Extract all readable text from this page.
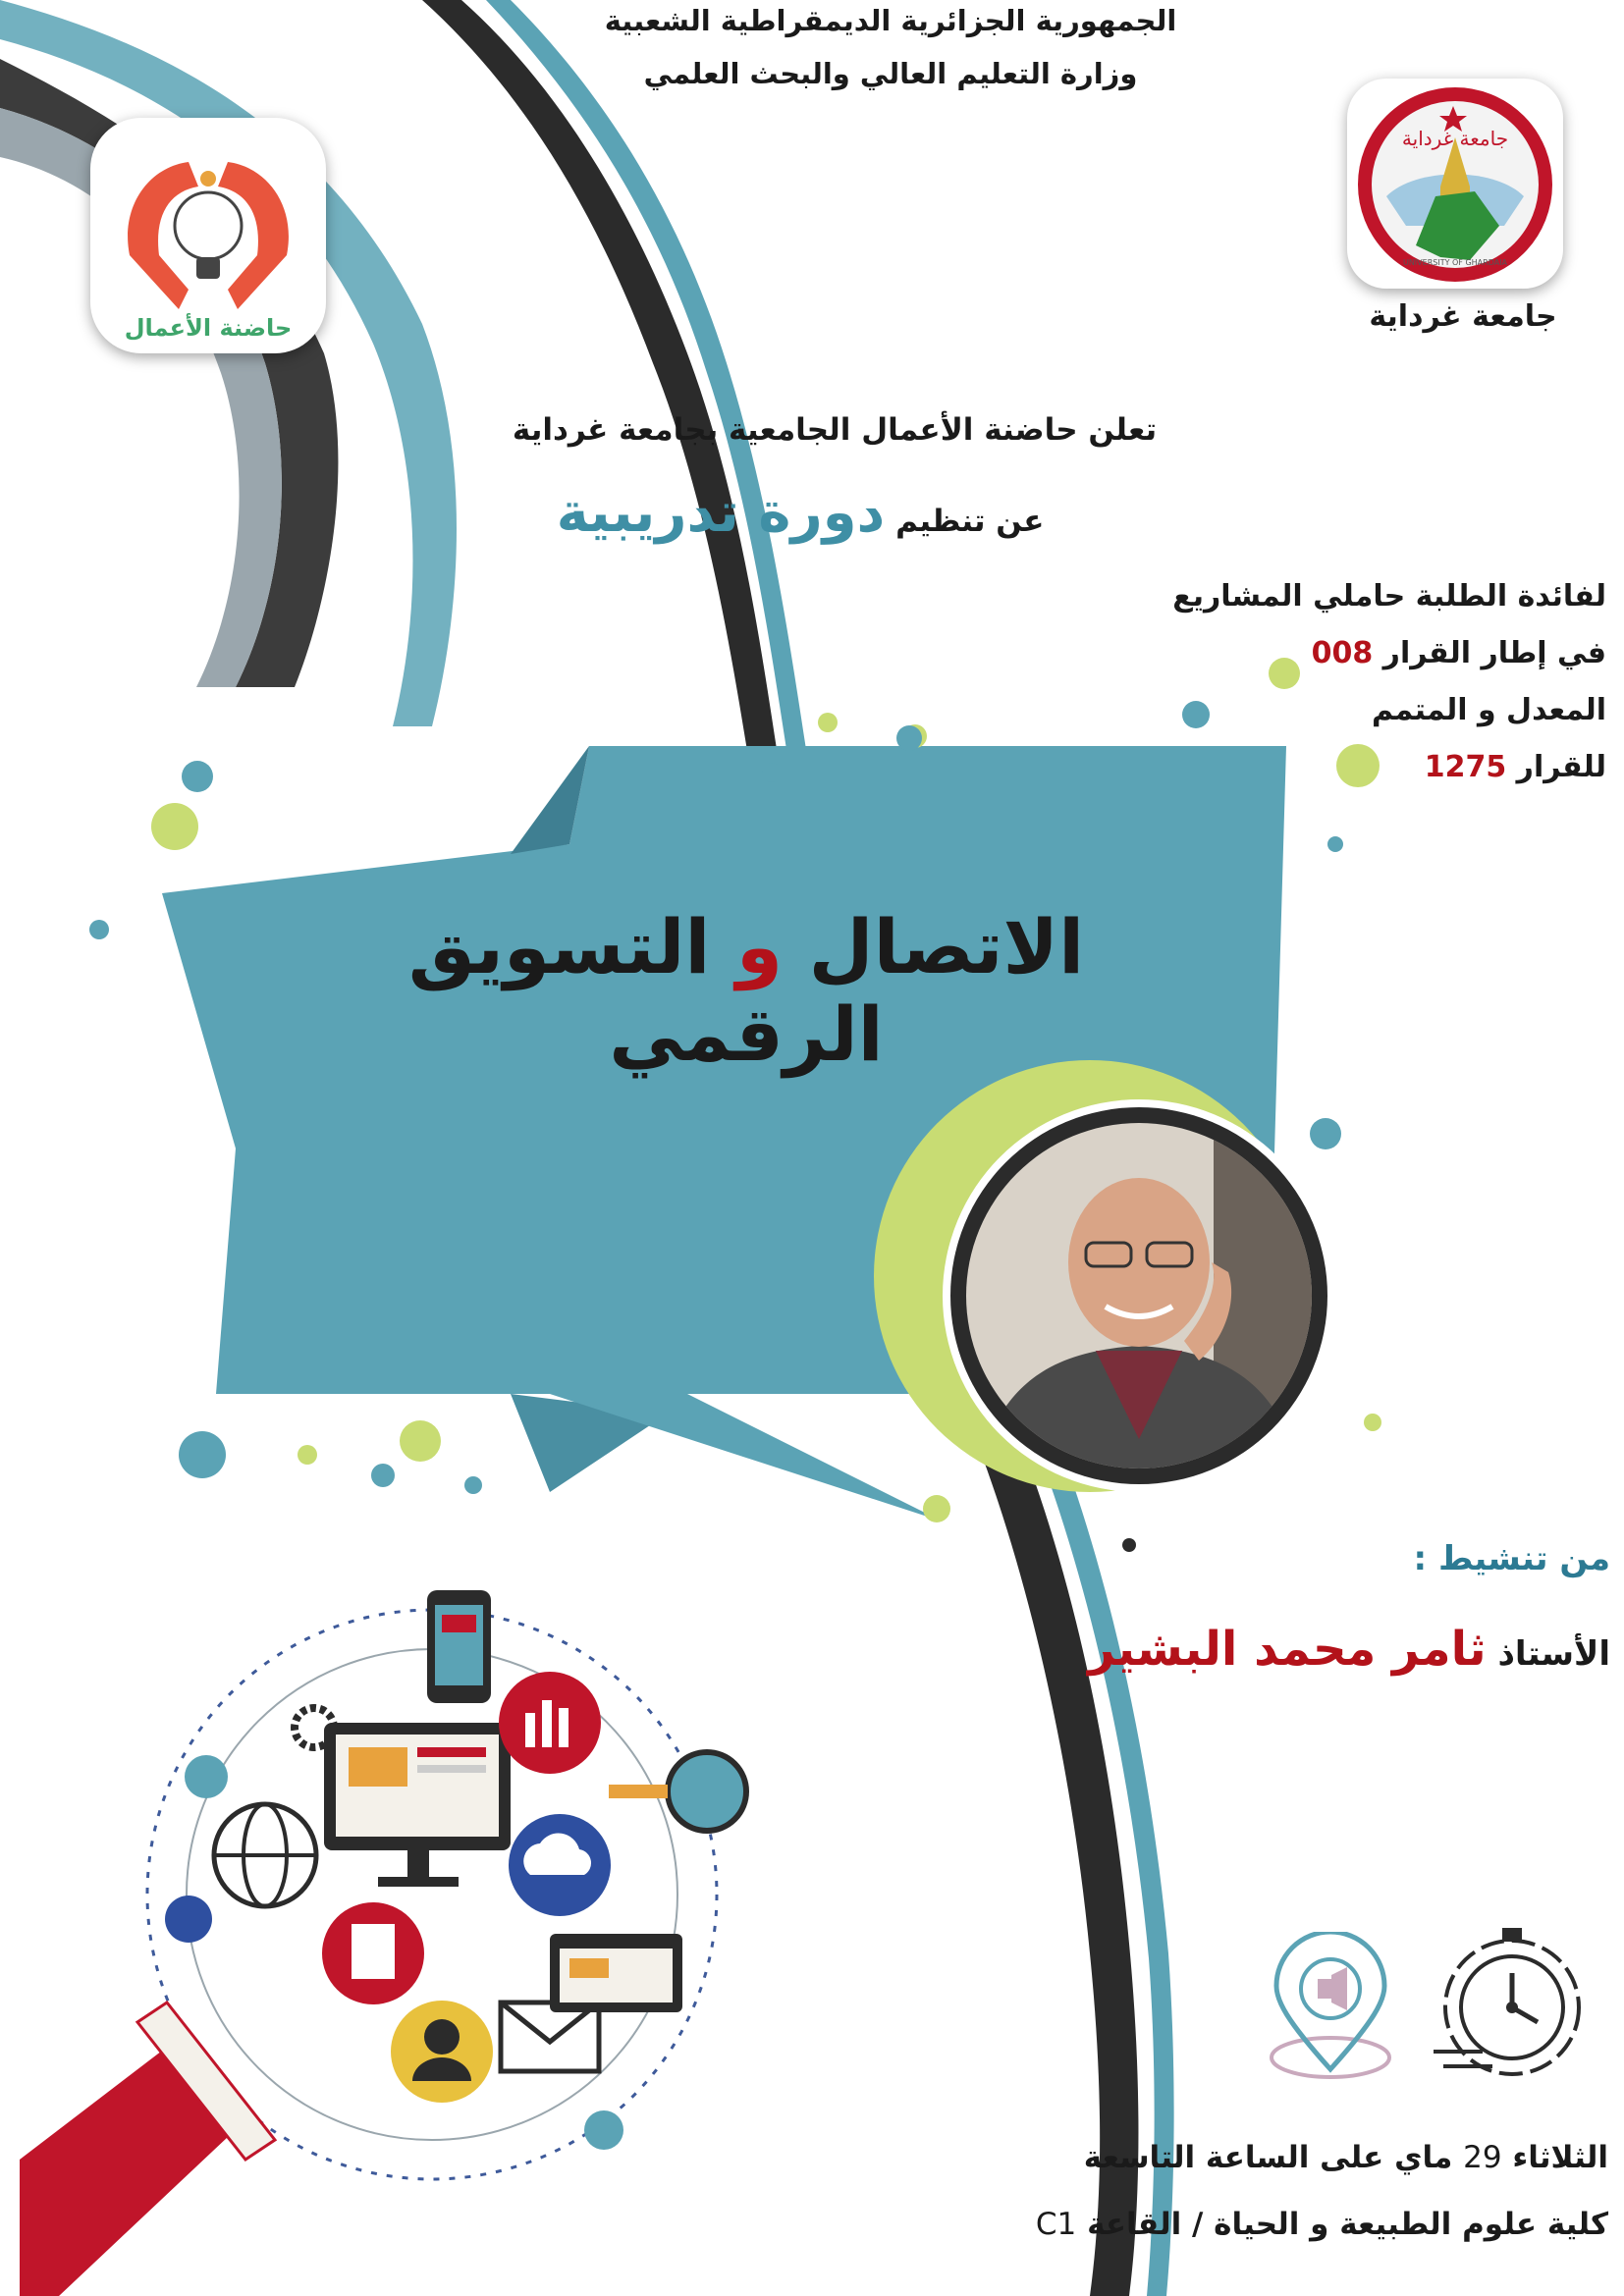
الجمهورية الجزائرية الديمقراطية الشعبية
وزارة التعليم العالي والبحث العلمي
جامعة غرداية
UNIVERSITY OF GHARDAIA
جامعة غرداية
حاضنة الأعمال
تعلن حاضنة الأعمال الجامعية بجامعة غرداية
عن تنظيم دورة تدريبية
لفائدة الطلبة حاملي المشاريع
في إطار القرار 008
المعدل و المتمم
للقرار 1275
الاتصال و التسويق الرقمي
من تنشيط :
الأستاذ ثامر محمد البشير
الثلاثاء 29 ماي على الساعة التاسعة
كلية علوم الطبيعة و الحياة / القاعة C1
